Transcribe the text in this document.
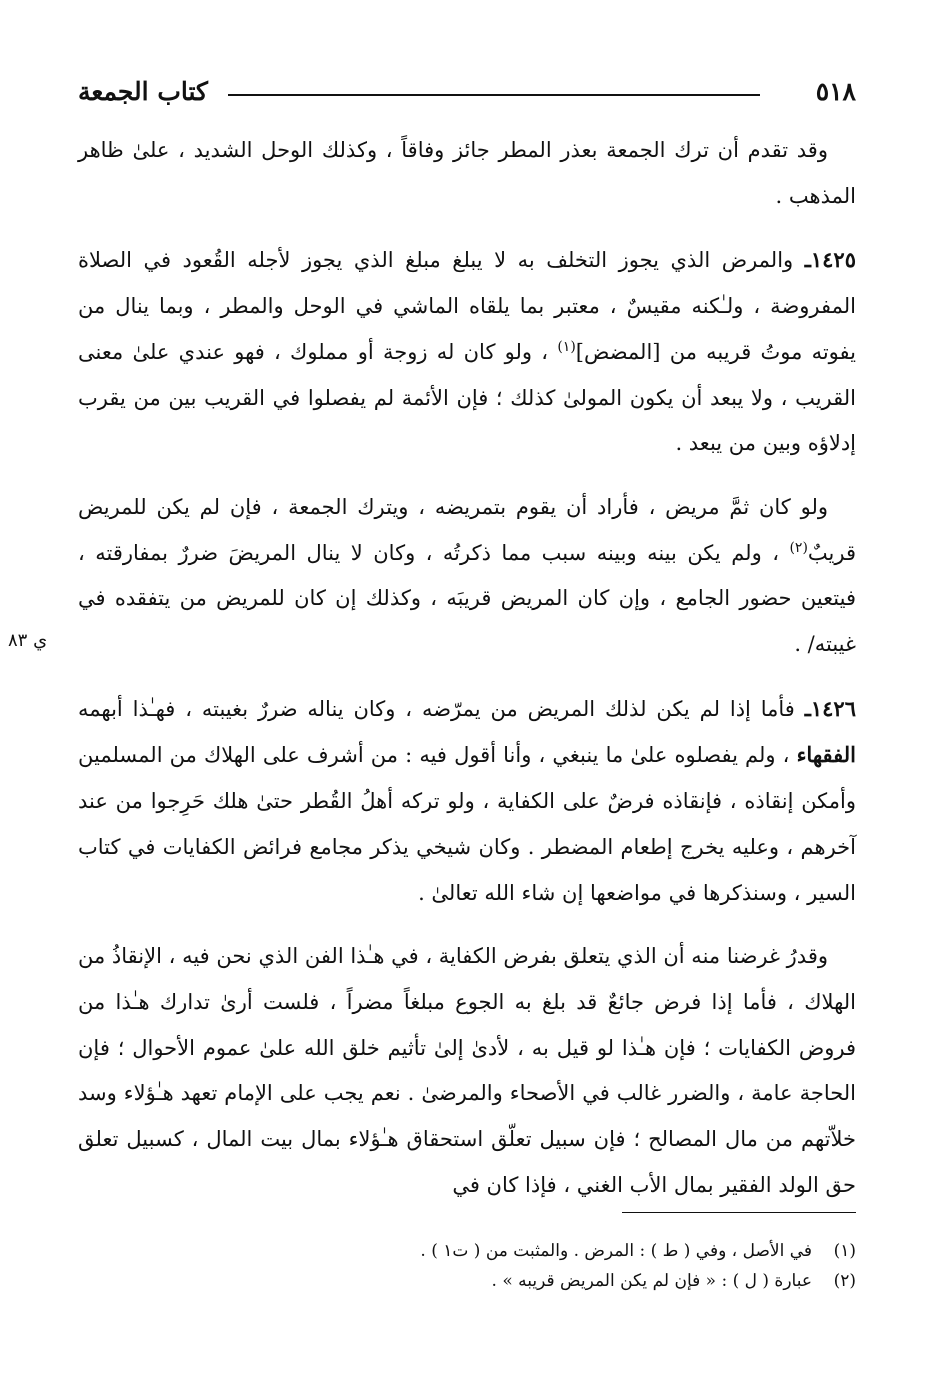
٥١٨
كتاب الجمعة
ي ٨٣

وقد تقدم أن ترك الجمعة بعذر المطر جائز وفاقاً ، وكذلك الوحل الشديد ، علىٰ ظاهر المذهب .

١٤٢٥ـ والمرض الذي يجوز التخلف به لا يبلغ مبلغ الذي يجوز لأجله القُعود في الصلاة المفروضة ، ولـٰكنه مقيسٌ ، معتبر بما يلقاه الماشي في الوحل والمطر ، وبما ينال من يفوته موتُ قريبه من [المضض]$^{(١)}$ ، ولو كان له زوجة أو مملوك ، فهو عندي علىٰ معنى القريب ، ولا يبعد أن يكون المولىٰ كذلك ؛ فإن الأئمة لم يفصلوا في القريب بين من يقرب إدلاؤه وبين من يبعد .

ولو كان ثمَّ مريض ، فأراد أن يقوم بتمريضه ، ويترك الجمعة ، فإن لم يكن للمريض قريبٌ$^{(٢)}$ ، ولم يكن بينه وبينه سبب مما ذكرتُه ، وكان لا ينال المريضَ ضررٌ بمفارقته ، فيتعين حضور الجامع ، وإن كان المريض قريبَه ، وكذلك إن كان للمريض من يتفقده في غيبته/ .

١٤٢٦ـ فأما إذا لم يكن لذلك المريض من يمرّضه ، وكان يناله ضررٌ بغيبته ، فهـٰذا أبهمه الفقهاء ، ولم يفصلوه علىٰ ما ينبغي ، وأنا أقول فيه : من أشرف على الهلاك من المسلمين وأمكن إنقاذه ، فإنقاذه فرضٌ على الكفاية ، ولو تركه أهلُ القُطر حتىٰ هلك حَرِجوا من عند آخرهم ، وعليه يخرج إطعام المضطر . وكان شيخي يذكر مجامع فرائض الكفايات في كتاب السير ، وسنذكرها في مواضعها إن شاء الله تعالىٰ .

وقدرُ غرضنا منه أن الذي يتعلق بفرض الكفاية ، في هـٰذا الفن الذي نحن فيه ، الإنقاذُ من الهلاك ، فأما إذا فرض جائعٌ قد بلغ به الجوع مبلغاً مضراً ، فلست أرىٰ تدارك هـٰذا من فروض الكفايات ؛ فإن هـٰذا لو قيل به ، لأدىٰ إلىٰ تأثيم خلق الله علىٰ عموم الأحوال ؛ فإن الحاجة عامة ، والضرر غالب في الأصحاء والمرضىٰ . نعم يجب على الإمام تعهد هـٰؤلاء وسد خلاّتهم من مال المصالح ؛ فإن سبيل تعلّق استحقاق هـٰؤلاء بمال بيت المال ، كسبيل تعلق حق الولد الفقير بمال الأب الغني ، فإذا كان في

(١)في الأصل ، وفي ( ط ) : المرض . والمثبت من ( ت١ ) .

(٢)عبارة ( ل ) : « فإن لم يكن المريض قريبه » .
